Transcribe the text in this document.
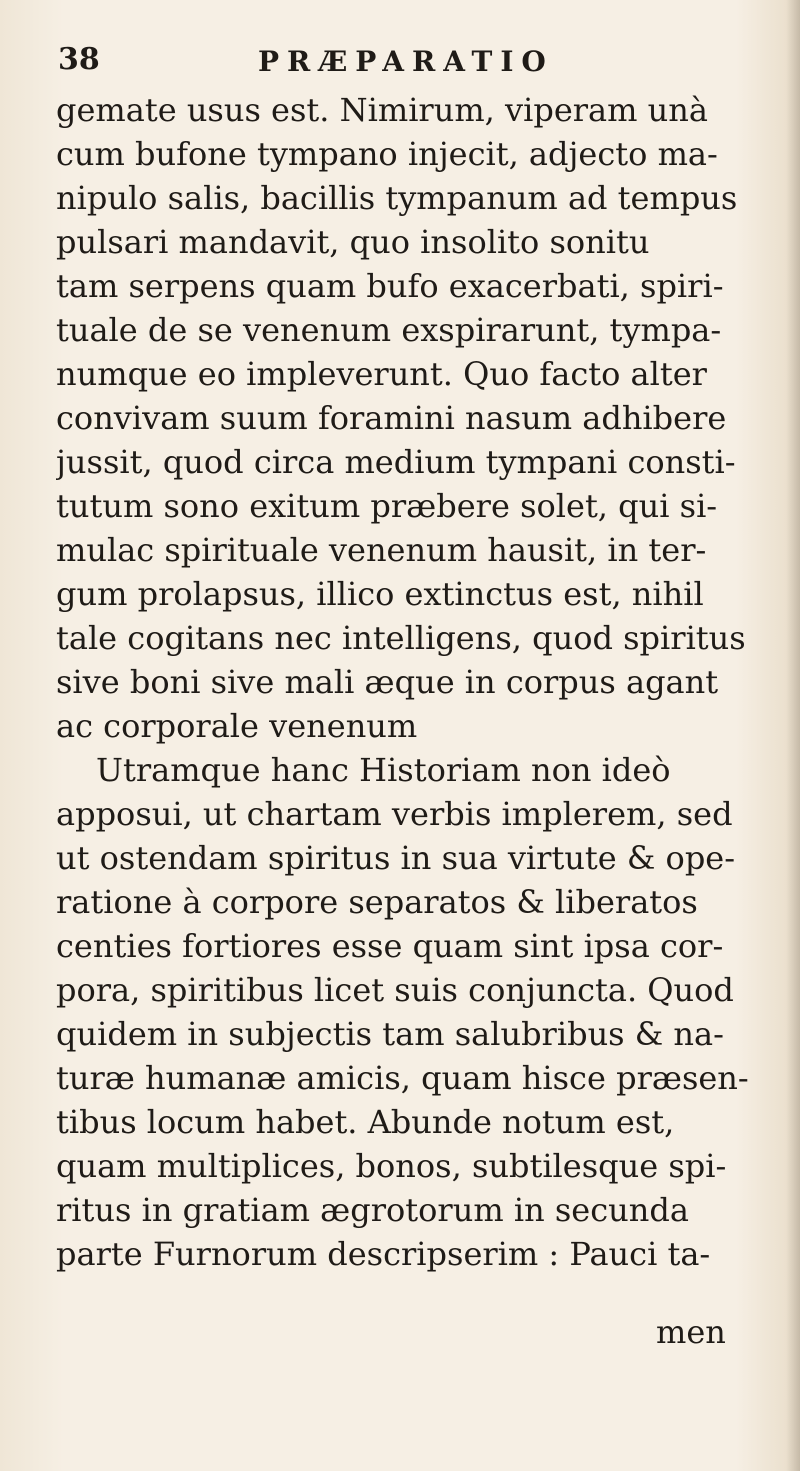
38	PRÆPARATIO
gemate usus est. Nimirum, viperam unà
cum bufone tympano injecit, adjecto ma-
nipulo salis, bacillis tympanum ad tempus
pulsari mandavit, quo insolito sonitu
tam serpens quam bufo exacerbati, spiri-
tuale de se venenum exspirarunt, tympa-
numque eo impleverunt. Quo facto alter
convivam suum foramini nasum adhibere
jussit, quod circa medium tympani consti-
tutum sono exitum præbere solet, qui si-
mulac spirituale venenum hausit, in ter-
gum prolapsus, illico extinctus est, nihil
tale cogitans nec intelligens, quod spiritus
sive boni sive mali æque in corpus agant
ac corporale venenum
Utramque hanc Historiam non ideò
apposui, ut chartam verbis implerem, sed
ut ostendam spiritus in sua virtute & ope-
ratione à corpore separatos & liberatos
centies fortiores esse quam sint ipsa cor-
pora, spiritibus licet suis conjuncta. Quod
quidem in subjectis tam salubribus & na-
turæ humanæ amicis, quam hisce præsen-
tibus locum habet. Abunde notum est,
quam multiplices, bonos, subtilesque spi-
ritus in gratiam ægrotorum in secunda
parte Furnorum descripserim : Pauci ta-
men
